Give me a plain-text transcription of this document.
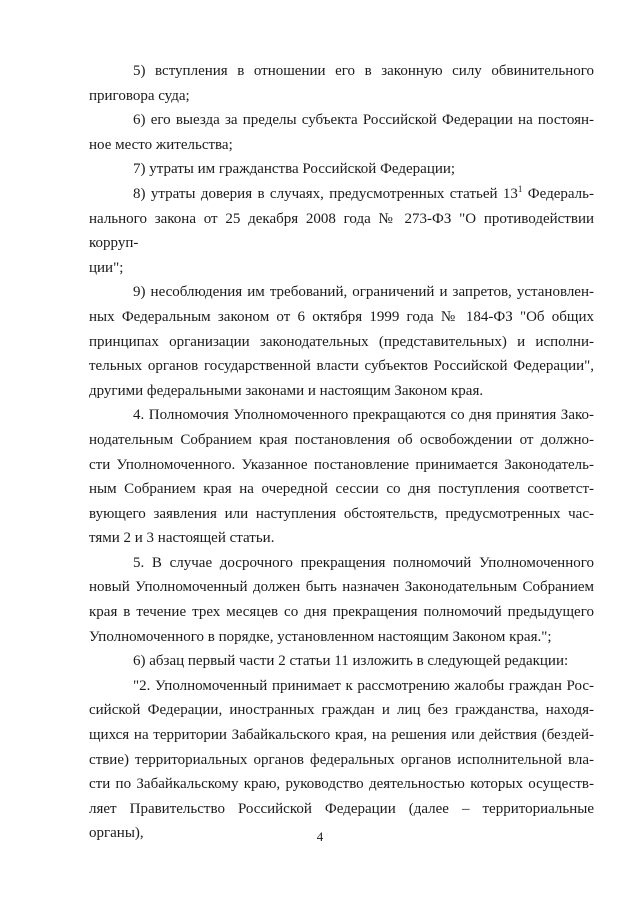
5) вступления в отношении его в законную силу обвинительного
приговора суда;
6) его выезда за пределы субъекта Российской Федерации на постоян-
ное место жительства;
7) утраты им гражданства Российской Федерации;
8) утраты доверия в случаях, предусмотренных статьей 13$^1$ Федераль-
нального закона от 25 декабря 2008 года № 273-ФЗ "О противодействии корруп-
ции";
9) несоблюдения им требований, ограничений и запретов, установлен-
ных Федеральным законом от 6 октября 1999 года № 184-ФЗ "Об общих
принципах организации законодательных (представительных) и исполни-
тельных органов государственной власти субъектов Российской Федерации",
другими федеральными законами и настоящим Законом края.
4. Полномочия Уполномоченного прекращаются со дня принятия Зако-
нодательным Собранием края постановления об освобождении от должно-
сти Уполномоченного. Указанное постановление принимается Законодатель-
ным Собранием края на очередной сессии со дня поступления соответст-
вующего заявления или наступления обстоятельств, предусмотренных час-
тями 2 и 3 настоящей статьи.
5. В случае досрочного прекращения полномочий Уполномоченного
новый Уполномоченный должен быть назначен Законодательным Собранием
края в течение трех месяцев со дня прекращения полномочий предыдущего
Уполномоченного в порядке, установленном настоящим Законом края.";
6) абзац первый части 2 статьи 11 изложить в следующей редакции:
"2. Уполномоченный принимает к рассмотрению жалобы граждан Рос-
сийской Федерации, иностранных граждан и лиц без гражданства, находя-
щихся на территории Забайкальского края, на решения или действия (бездей-
ствие) территориальных органов федеральных органов исполнительной вла-
сти по Забайкальскому краю, руководство деятельностью которых осуществ-
ляет Правительство Российской Федерации (далее – территориальные органы),	4
